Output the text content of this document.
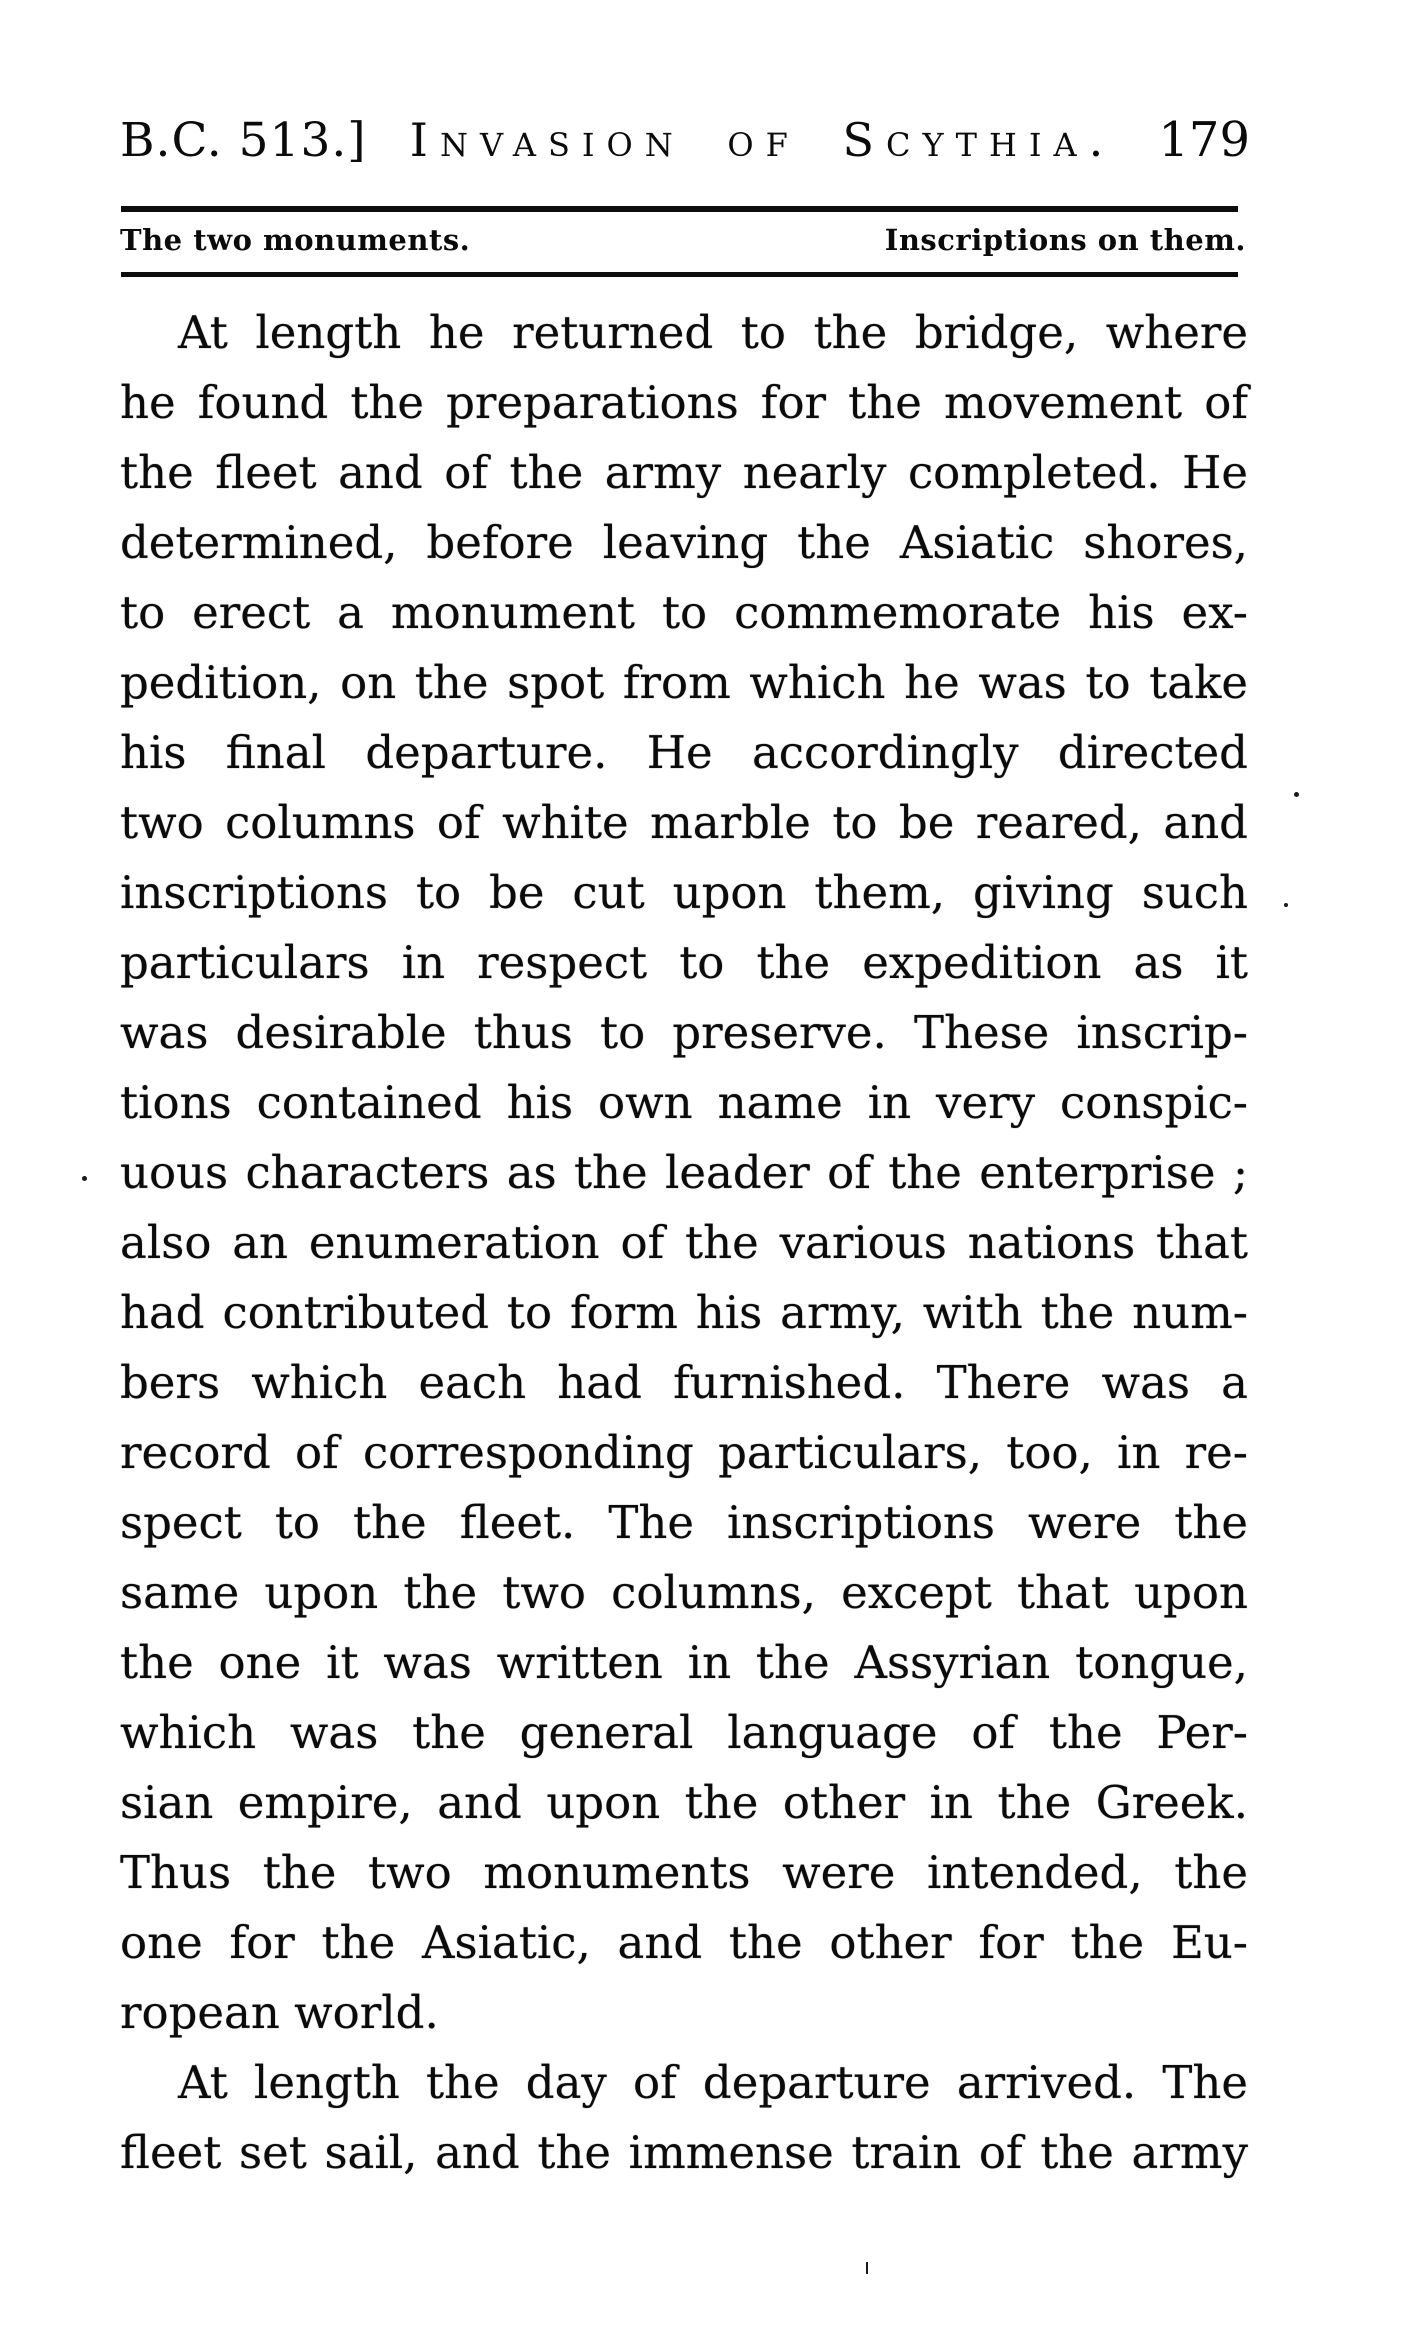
B.C. 513.] Invasion of Scythia. 179
The two monuments.	Inscriptions on them.
At length he returned to the bridge, where
he found the preparations for the movement of
the fleet and of the army nearly completed. He
determined, before leaving the Asiatic shores,
to erect a monument to commemorate his ex-
pedition, on the spot from which he was to take
his final departure. He accordingly directed
two columns of white marble to be reared, and
inscriptions to be cut upon them, giving such
particulars in respect to the expedition as it
was desirable thus to preserve. These inscrip-
tions contained his own name in very conspic-
uous characters as the leader of the enterprise ;
also an enumeration of the various nations that
had contributed to form his army, with the num-
bers which each had furnished. There was a
record of corresponding particulars, too, in re-
spect to the fleet. The inscriptions were the
same upon the two columns, except that upon
the one it was written in the Assyrian tongue,
which was the general language of the Per-
sian empire, and upon the other in the Greek.
Thus the two monuments were intended, the
one for the Asiatic, and the other for the Eu-
ropean world.
At length the day of departure arrived. The
fleet set sail, and the immense train of the army
